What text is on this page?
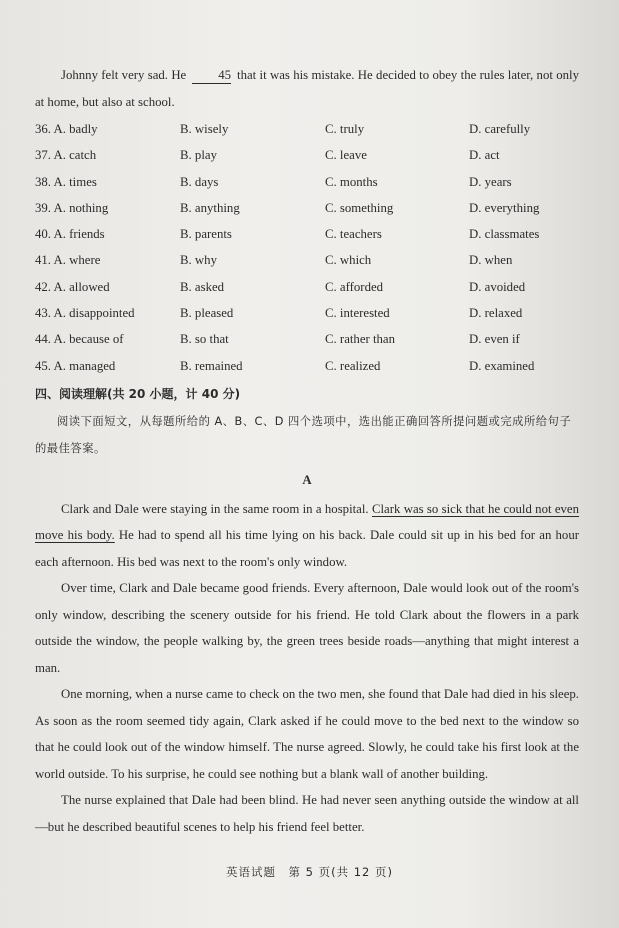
Johnny felt very sad. He	45 that it was his mistake. He decided to obey the rules later, not only at home, but also at school.

36. A. badly	B. wisely	C. truly	D. carefully
37. A. catch	B. play	C. leave	D. act
38. A. times	B. days	C. months	D. years
39. A. nothing	B. anything	C. something	D. everything
40. A. friends	B. parents	C. teachers	D. classmates
41. A. where	B. why	C. which	D. when
42. A. allowed	B. asked	C. afforded	D. avoided
43. A. disappointed	B. pleased	C. interested	D. relaxed
44. A. because of	B. so that	C. rather than	D. even if
45. A. managed	B. remained	C. realized	D. examined

四、阅读理解(共 20 小题，计 40 分)

阅读下面短文，从每题所给的 A、B、C、D 四个选项中，选出能正确回答所提问题或完成所给句子的最佳答案。

A

Clark and Dale were staying in the same room in a hospital. Clark was so sick that he could not even move his body. He had to spend all his time lying on his back. Dale could sit up in his bed for an hour each afternoon. His bed was next to the room's only window.

Over time, Clark and Dale became good friends. Every afternoon, Dale would look out of the room's only window, describing the scenery outside for his friend. He told Clark about the flowers in a park outside the window, the people walking by, the green trees beside roads—anything that might interest a man.

One morning, when a nurse came to check on the two men, she found that Dale had died in his sleep. As soon as the room seemed tidy again, Clark asked if he could move to the bed next to the window so that he could look out of the window himself. The nurse agreed. Slowly, he could take his first look at the world outside. To his surprise, he could see nothing but a blank wall of another building.

The nurse explained that Dale had been blind. He had never seen anything outside the window at all—but he described beautiful scenes to help his friend feel better.

英语试题　第 5 页(共 12 页)
